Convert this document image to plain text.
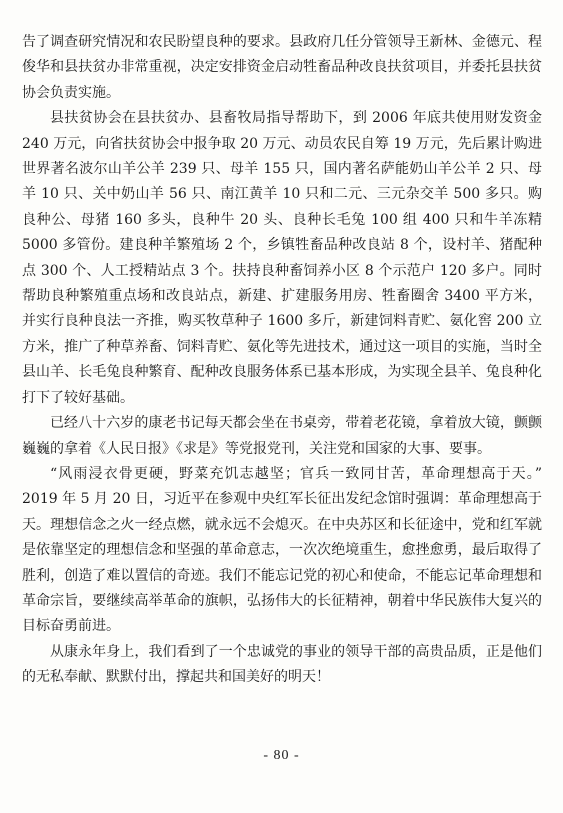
告了调查研究情况和农民盼望良种的要求。县政府几任分管领导王新林、金德元、程俊华和县扶贫办非常重视，决定安排资金启动牲畜品种改良扶贫项目，并委托县扶贫协会负责实施。

县扶贫协会在县扶贫办、县畜牧局指导帮助下，到 2006 年底共使用财发资金 240 万元，向省扶贫协会中报争取 20 万元、动员农民自筹 19 万元，先后累计购进世界著名波尔山羊公羊 239 只、母羊 155 只，国内著名萨能奶山羊公羊 2 只、母羊 10 只、关中奶山羊 56 只、南江黄羊 10 只和二元、三元杂交羊 500 多只。购良种公、母猪 160 多头，良种牛 20 头、良种长毛兔 100 组 400 只和牛羊冻精 5000 多管份。建良种羊繁殖场 2 个，乡镇牲畜品种改良站 8 个，设村羊、猪配种点 300 个、人工授精站点 3 个。扶持良种畜饲养小区 8 个示范户 120 多户。同时帮助良种繁殖重点场和改良站点，新建、扩建服务用房、牲畜圈舍 3400 平方米，并实行良种良法一齐推，购买牧草种子 1600 多斤，新建饲料青贮、氨化窖 200 立方米，推广了种草养畜、饲料青贮、氨化等先进技术，通过这一项目的实施，当时全县山羊、长毛兔良种繁育、配种改良服务体系已基本形成，为实现全县羊、兔良种化打下了较好基础。

已经八十六岁的康老书记每天都会坐在书桌旁，带着老花镜，拿着放大镜，颤颤巍巍的拿着《人民日报》《求是》等党报党刊，关注党和国家的大事、要事。

“风雨浸衣骨更硬，野菜充饥志越坚；官兵一致同甘苦，革命理想高于天。” 2019 年 5 月 20 日，习近平在参观中央红军长征出发纪念馆时强调：革命理想高于天。理想信念之火一经点燃，就永远不会熄灭。在中央苏区和长征途中，党和红军就是依靠坚定的理想信念和坚强的革命意志，一次次绝境重生，愈挫愈勇，最后取得了胜利，创造了难以置信的奇迹。我们不能忘记党的初心和使命，不能忘记革命理想和革命宗旨，要继续高举革命的旗帜，弘扬伟大的长征精神，朝着中华民族伟大复兴的目标奋勇前进。

从康永年身上，我们看到了一个忠诚党的事业的领导干部的高贵品质，正是他们的无私奉献、默默付出，撑起共和国美好的明天！

- 80 -
